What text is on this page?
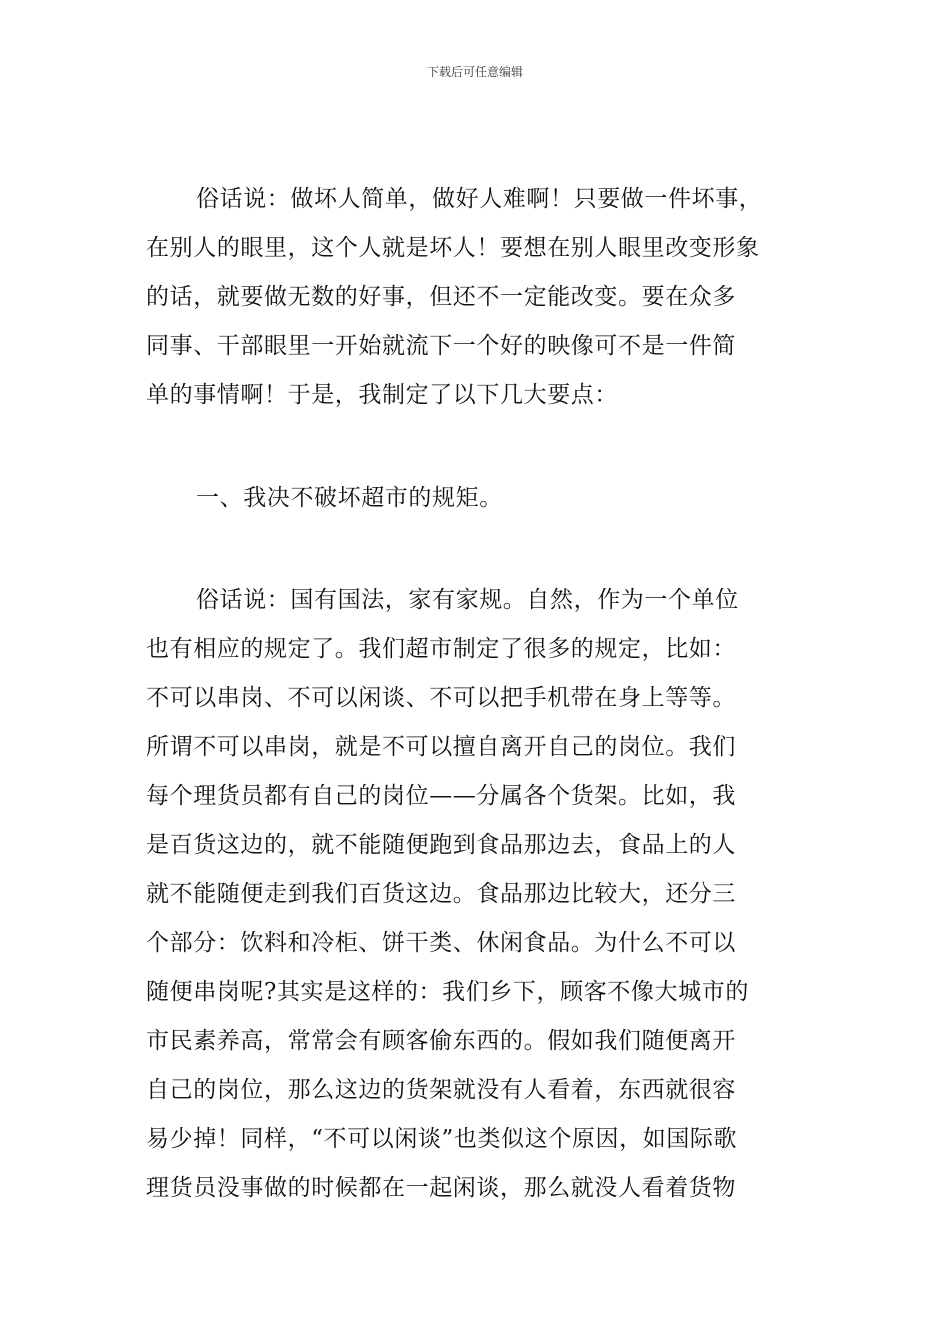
下载后可任意编辑
俗话说：做坏人简单，做好人难啊！只要做一件坏事，
在别人的眼里，这个人就是坏人！要想在别人眼里改变形象
的话，就要做无数的好事，但还不一定能改变。要在众多
同事、干部眼里一开始就流下一个好的映像可不是一件简
单的事情啊！于是，我制定了以下几大要点：
一、我决不破坏超市的规矩。
俗话说：国有国法，家有家规。自然，作为一个单位
也有相应的规定了。我们超市制定了很多的规定，比如：
不可以串岗、不可以闲谈、不可以把手机带在身上等等。
所谓不可以串岗，就是不可以擅自离开自己的岗位。我们
每个理货员都有自己的岗位——分属各个货架。比如，我
是百货这边的，就不能随便跑到食品那边去，食品上的人
就不能随便走到我们百货这边。食品那边比较大，还分三
个部分：饮料和冷柜、饼干类、休闲食品。为什么不可以
随便串岗呢?其实是这样的：我们乡下，顾客不像大城市的
市民素养高，常常会有顾客偷东西的。假如我们随便离开
自己的岗位，那么这边的货架就没有人看着，东西就很容
易少掉！同样，“不可以闲谈”也类似这个原因，如国际歌
理货员没事做的时候都在一起闲谈，那么就没人看着货物
